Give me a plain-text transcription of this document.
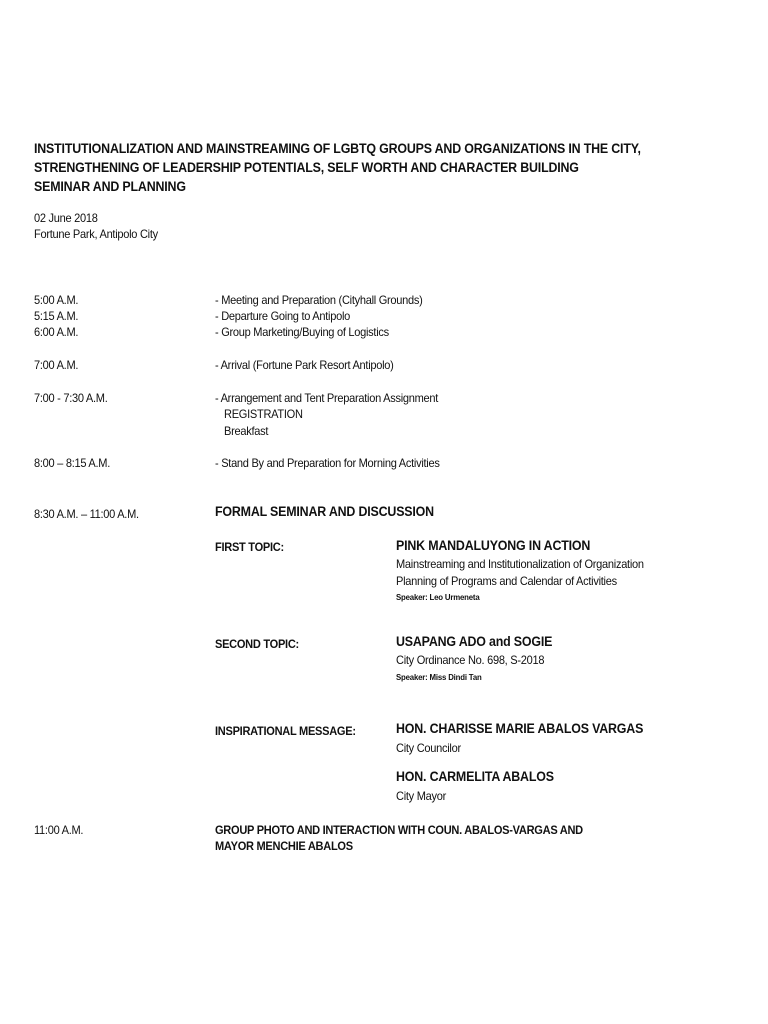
INSTITUTIONALIZATION AND MAINSTREAMING OF LGBTQ GROUPS AND ORGANIZATIONS IN THE CITY,
STRENGTHENING OF LEADERSHIP POTENTIALS, SELF WORTH AND CHARACTER BUILDING
SEMINAR AND PLANNING
02 June 2018
Fortune Park, Antipolo City
5:00 A.M.	- Meeting and Preparation (Cityhall Grounds)
5:15 A.M.	- Departure Going to Antipolo
6:00 A.M.	- Group Marketing/Buying of Logistics
7:00 A.M.	- Arrival (Fortune Park Resort Antipolo)
7:00 - 7:30 A.M.	- Arrangement and Tent Preparation Assignment
REGISTRATION
Breakfast
8:00 – 8:15 A.M.	- Stand By and Preparation for Morning Activities
8:30 A.M. – 11:00 A.M.	FORMAL SEMINAR AND DISCUSSION
FIRST TOPIC:	PINK MANDALUYONG IN ACTION
Mainstreaming and Institutionalization of Organization
Planning of Programs and Calendar of Activities
Speaker: Leo Urmeneta
SECOND TOPIC:	USAPANG ADO and SOGIE
City Ordinance No. 698, S-2018
Speaker: Miss Dindi Tan
INSPIRATIONAL MESSAGE:	HON. CHARISSE MARIE ABALOS VARGAS
City Councilor
HON. CARMELITA ABALOS
City Mayor
11:00 A.M.	GROUP PHOTO AND INTERACTION WITH COUN. ABALOS-VARGAS AND
MAYOR MENCHIE ABALOS
